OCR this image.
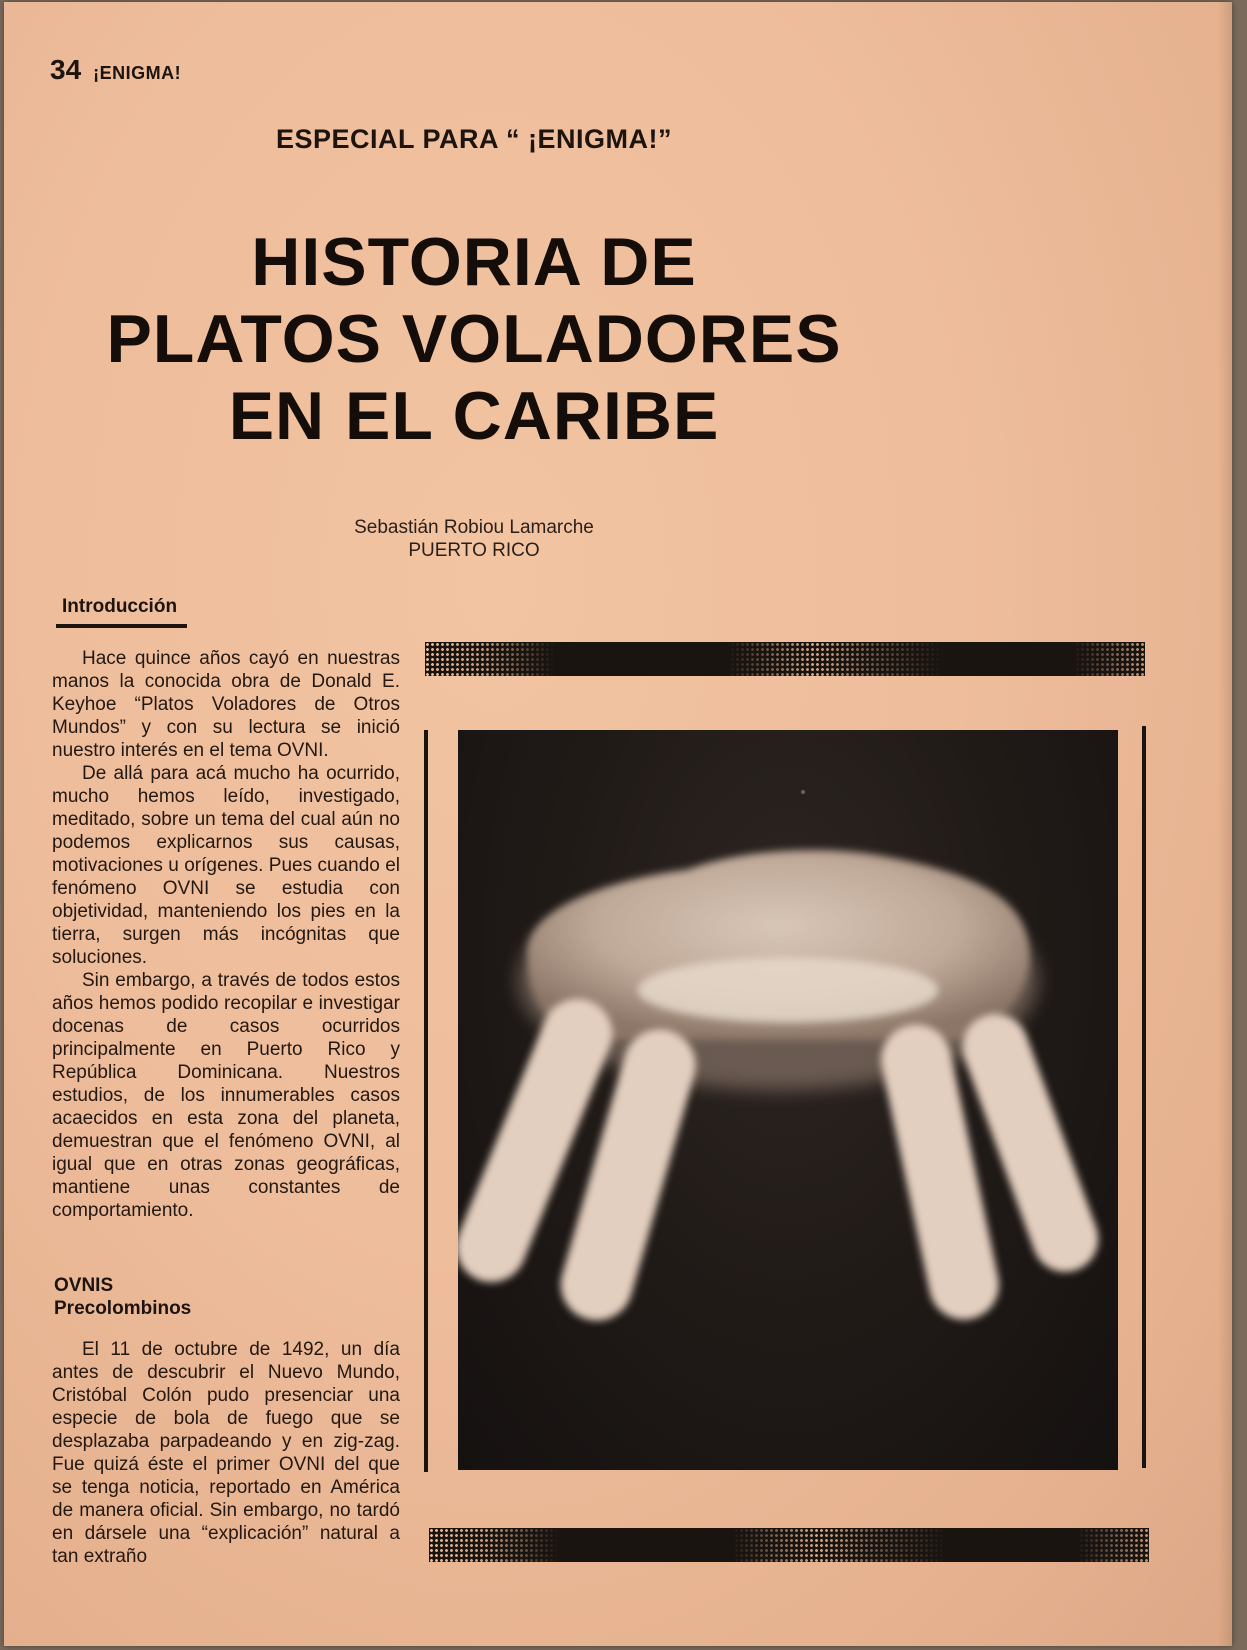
34 ¡ENIGMA!
ESPECIAL PARA “ ¡ENIGMA!”
HISTORIA DE
PLATOS VOLADORES
EN EL CARIBE
Sebastián Robiou Lamarche
PUERTO RICO
Introducción

Hace quince años cayó en nuestras manos la conocida obra de Donald E. Keyhoe “Platos Voladores de Otros Mundos” y con su lectura se inició nuestro interés en el tema OVNI.

De allá para acá mucho ha ocurrido, mucho hemos leído, investigado, meditado, sobre un tema del cual aún no podemos explicarnos sus causas, motivaciones u orígenes. Pues cuando el fenómeno OVNI se estudia con objetividad, manteniendo los pies en la tierra, surgen más incógnitas que soluciones.

Sin embargo, a través de todos estos años hemos podido recopilar e investigar docenas de casos ocurridos principalmente en Puerto Rico y República Dominicana. Nuestros estudios, de los innumerables casos acaecidos en esta zona del planeta, demuestran que el fenómeno OVNI, al igual que en otras zonas geográficas, mantiene unas constantes de comportamiento.

OVNIS
Precolombinos

El 11 de octubre de 1492, un día antes de descubrir el Nuevo Mundo, Cristóbal Colón pudo presenciar una especie de bola de fuego que se desplazaba parpadeando y en zig-zag. Fue quizá éste el primer OVNI del que se tenga noticia, reportado en América de manera oficial. Sin embargo, no tardó en dársele una “explicación” natural a tan extraño
